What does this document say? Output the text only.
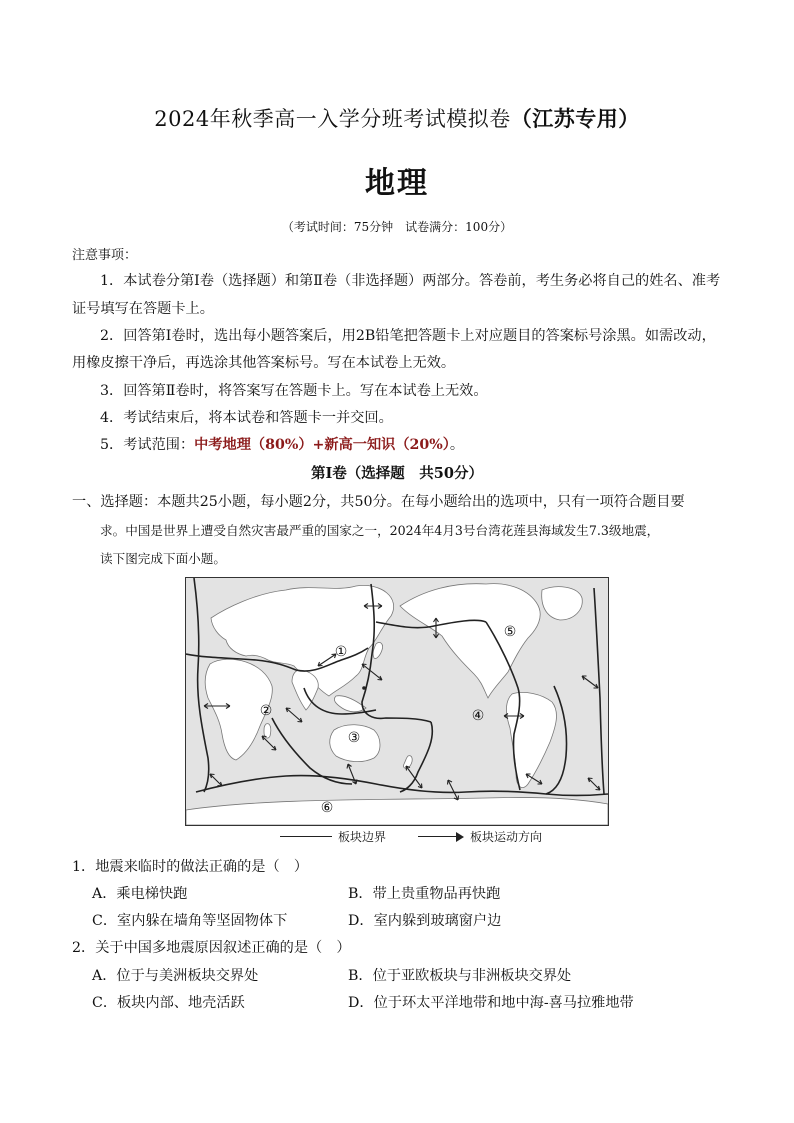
2024年秋季高一入学分班考试模拟卷（江苏专用）
地理
（考试时间：75分钟　试卷满分：100分）
注意事项：
1．本试卷分第Ⅰ卷（选择题）和第Ⅱ卷（非选择题）两部分。答卷前，考生务必将自己的姓名、准考
证号填写在答题卡上。
2．回答第Ⅰ卷时，选出每小题答案后，用2B铅笔把答题卡上对应题目的答案标号涂黑。如需改动，
用橡皮擦干净后，再选涂其他答案标号。写在本试卷上无效。
3．回答第Ⅱ卷时，将答案写在答题卡上。写在本试卷上无效。
4．考试结束后，将本试卷和答题卡一并交回。
5．考试范围：中考地理（80%）+新高一知识（20%）。
第Ⅰ卷（选择题　共50分）
一、选择题：本题共25小题，每小题2分，共50分。在每小题给出的选项中，只有一项符合题目要
求。中国是世界上遭受自然灾害最严重的国家之一，2024年4月3号台湾花莲县海域发生7.3级地震，
读下图完成下面小题。
①
②
③
④
⑤
⑥
板块边界	板块运动方向
1．地震来临时的做法正确的是（　）
A．乘电梯快跑	B．带上贵重物品再快跑
C．室内躲在墙角等坚固物体下	D．室内躲到玻璃窗户边
2．关于中国多地震原因叙述正确的是（　）
A．位于与美洲板块交界处	B．位于亚欧板块与非洲板块交界处
C．板块内部、地壳活跃	D．位于环太平洋地带和地中海-喜马拉雅地带
